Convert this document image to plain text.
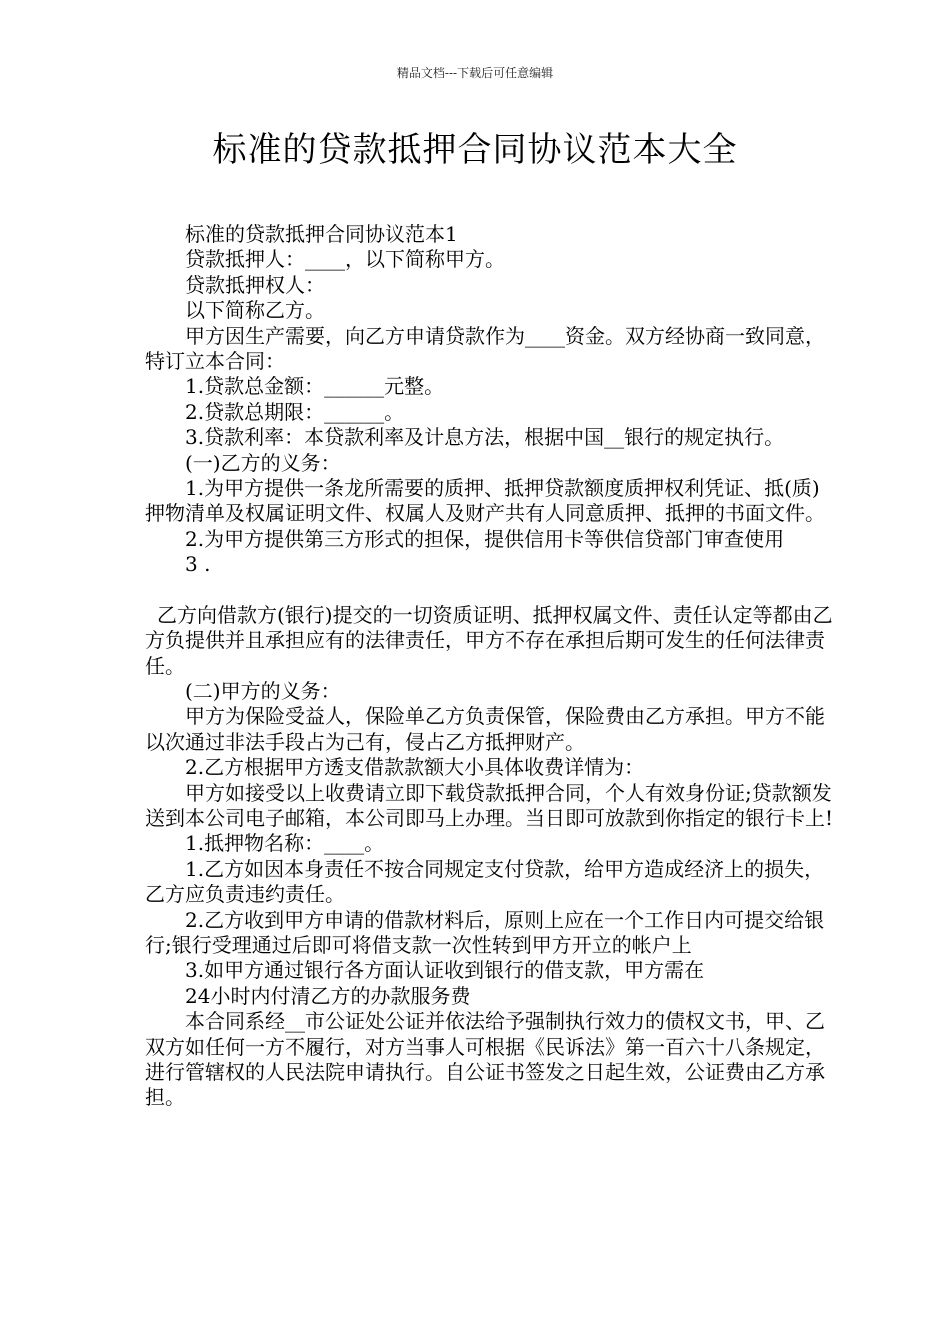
精品文档---下载后可任意编辑
标准的贷款抵押合同协议范本大全

标准的贷款抵押合同协议范本1

贷款抵押人：____，以下简称甲方。

贷款抵押权人：

以下简称乙方。

甲方因生产需要，向乙方申请贷款作为____资金。双方经协商一致同意，特订立本合同：

1.贷款总金额：______元整。

2.贷款总期限：______。

3.贷款利率：本贷款利率及计息方法，根据中国__银行的规定执行。

(一)乙方的义务：

1.为甲方提供一条龙所需要的质押、抵押贷款额度质押权利凭证、抵(质)押物清单及权属证明文件、权属人及财产共有人同意质押、抵押的书面文件。

2.为甲方提供第三方形式的担保，提供信用卡等供信贷部门审查使用

3 .

乙方向借款方(银行)提交的一切资质证明、抵押权属文件、责任认定等都由乙方负提供并且承担应有的法律责任，甲方不存在承担后期可发生的任何法律责任。

(二)甲方的义务：

甲方为保险受益人，保险单乙方负责保管，保险费由乙方承担。甲方不能以次通过非法手段占为己有，侵占乙方抵押财产。

2.乙方根据甲方透支借款款额大小具体收费详情为：

甲方如接受以上收费请立即下载贷款抵押合同，个人有效身份证;贷款额发送到本公司电子邮箱，本公司即马上办理。当日即可放款到你指定的银行卡上!

1.抵押物名称：____。

1.乙方如因本身责任不按合同规定支付贷款，给甲方造成经济上的损失，乙方应负责违约责任。

2.乙方收到甲方申请的借款材料后，原则上应在一个工作日内可提交给银行;银行受理通过后即可将借支款一次性转到甲方开立的帐户上

3.如甲方通过银行各方面认证收到银行的借支款，甲方需在

24小时内付清乙方的办款服务费

本合同系经__市公证处公证并依法给予强制执行效力的债权文书，甲、乙双方如任何一方不履行，对方当事人可根据《民诉法》第一百六十八条规定，进行管辖权的人民法院申请执行。自公证书签发之日起生效，公证费由乙方承担。
